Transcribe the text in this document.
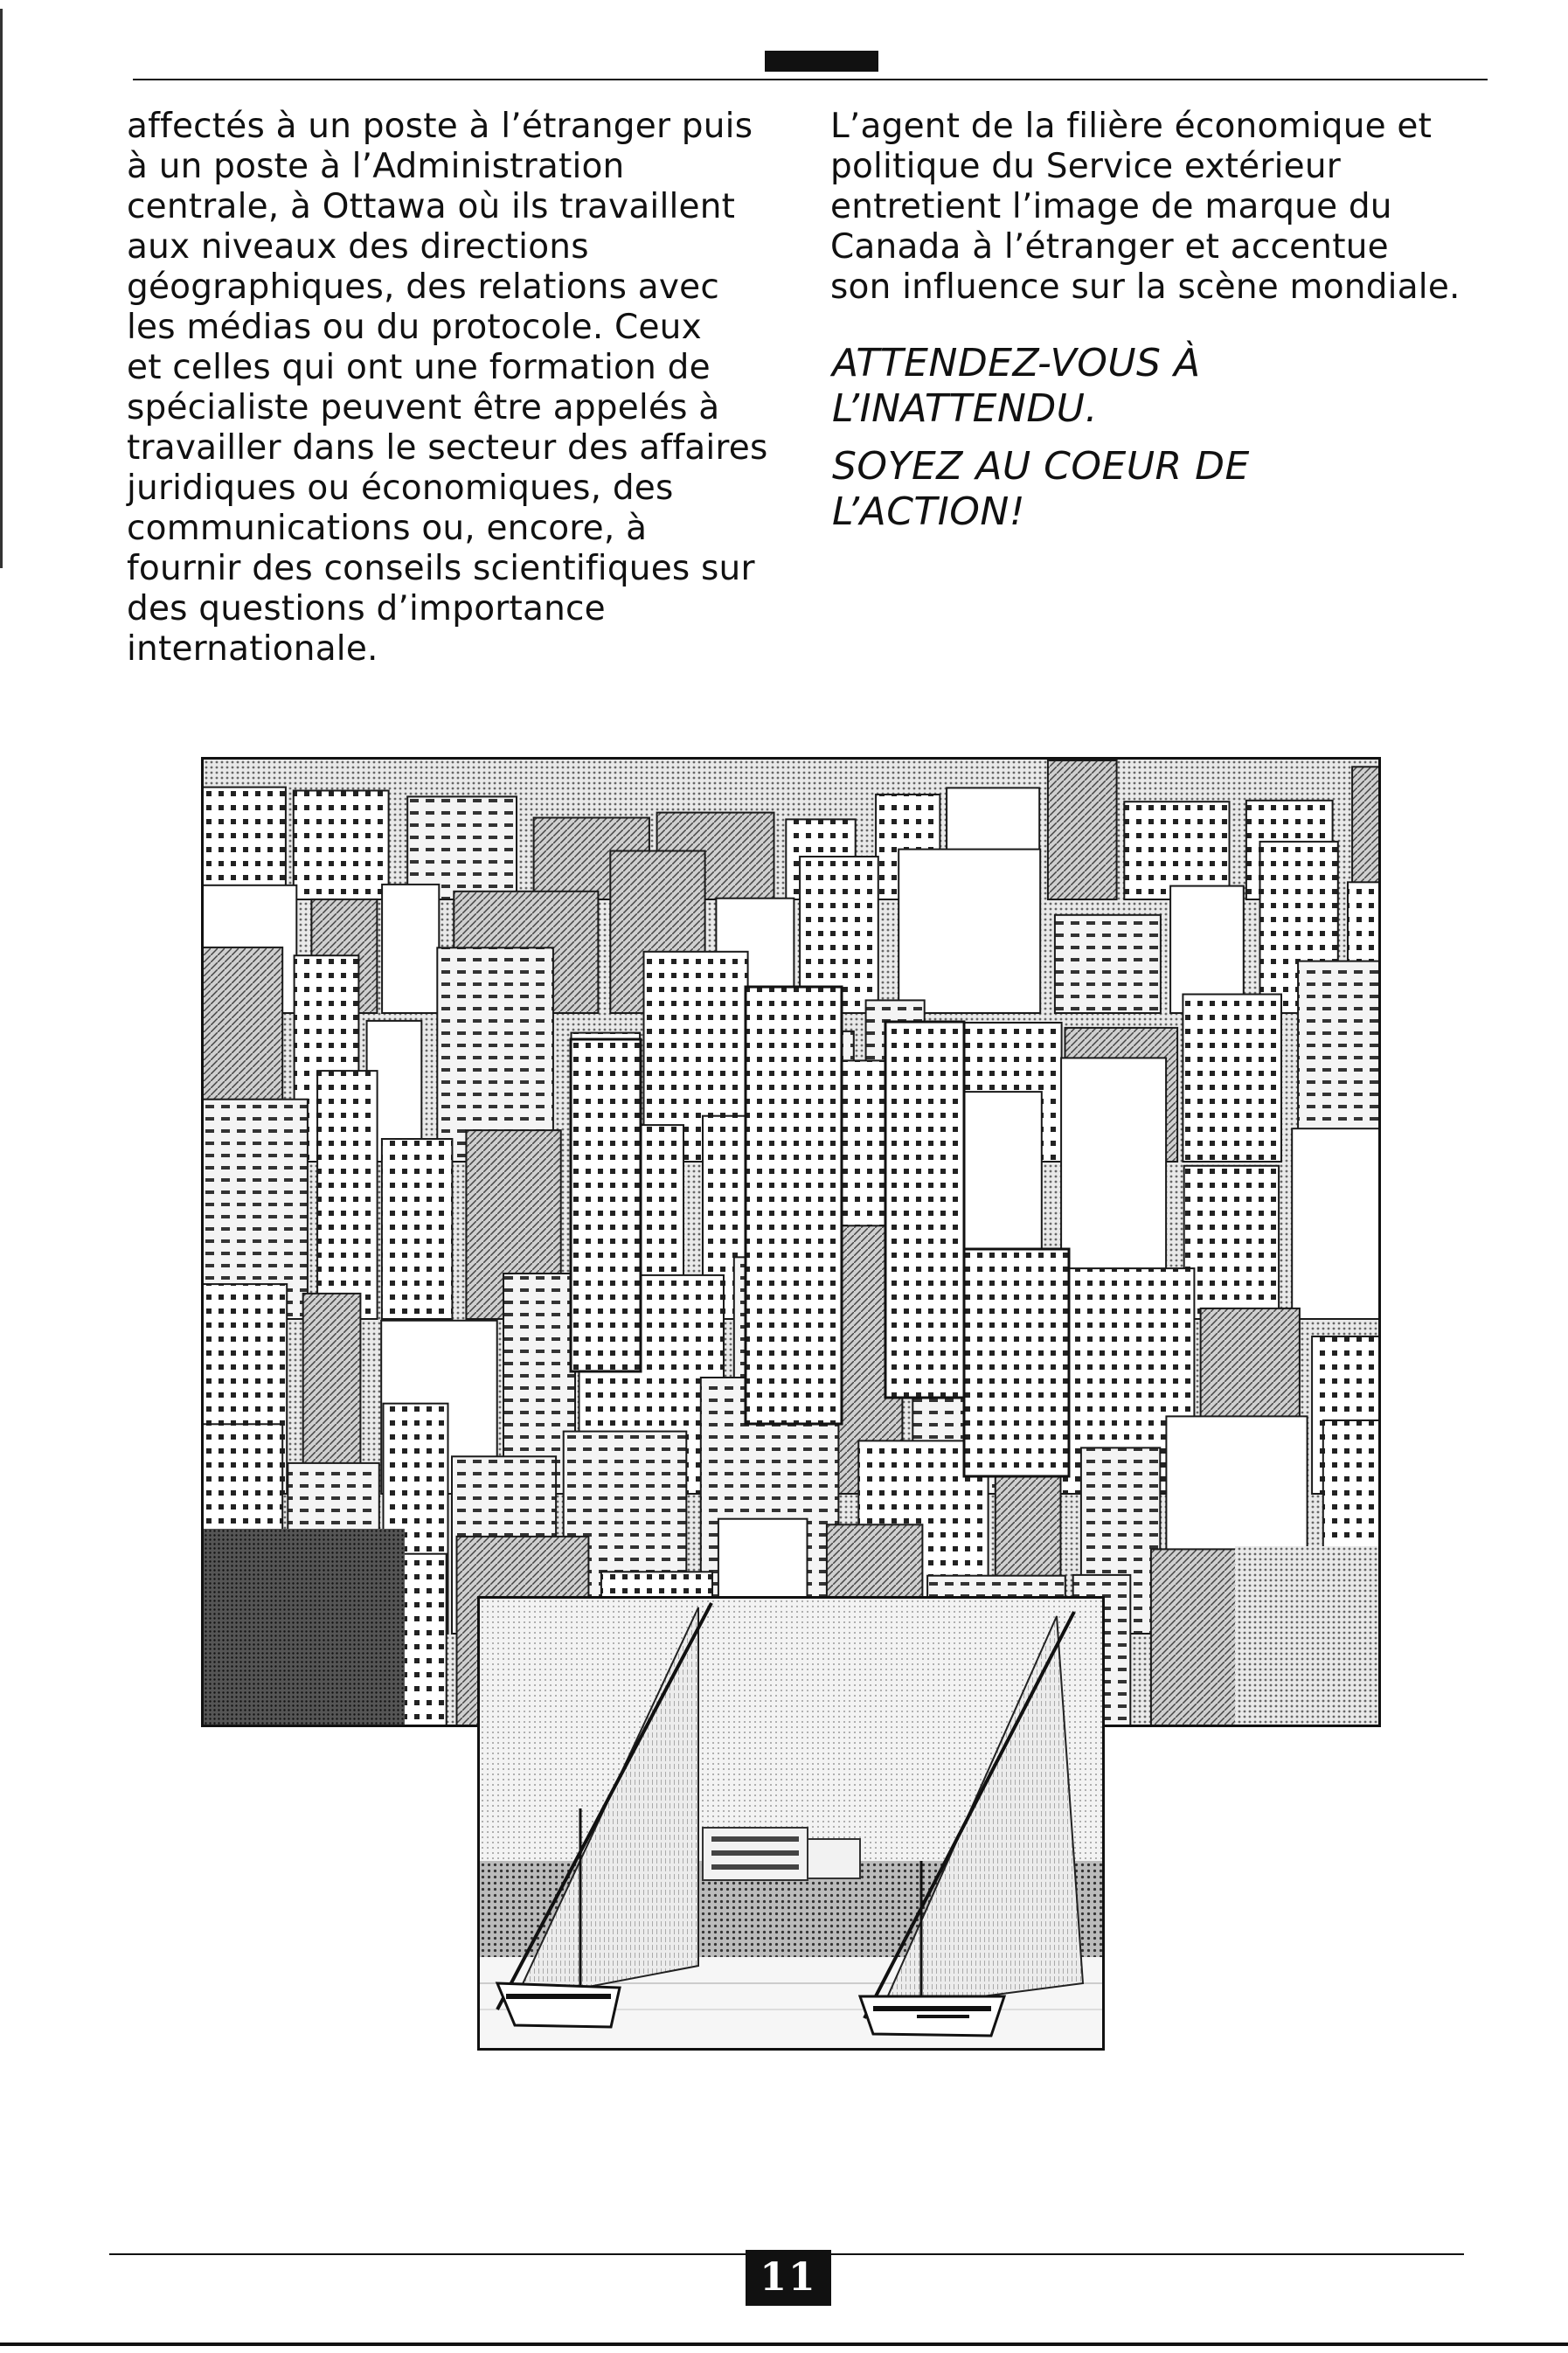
affectés à un poste à l’étranger puis

à un poste à l’Administration

centrale, à Ottawa où ils travaillent

aux niveaux des directions

géographiques, des relations avec

les médias ou du protocole. Ceux

et celles qui ont une formation de

spécialiste peuvent être appelés à

travailler dans le secteur des affaires

juridiques ou économiques, des

communications ou, encore, à

fournir des conseils scientifiques sur

des questions d’importance

internationale.

L’agent de la filière économique et

politique du Service extérieur

entretient l’image de marque du

Canada à l’étranger et accentue

son influence sur la scène mondiale.

ATTENDEZ-VOUS À
L’INATTENDU.
SOYEZ AU COEUR DE
L’ACTION!
11
